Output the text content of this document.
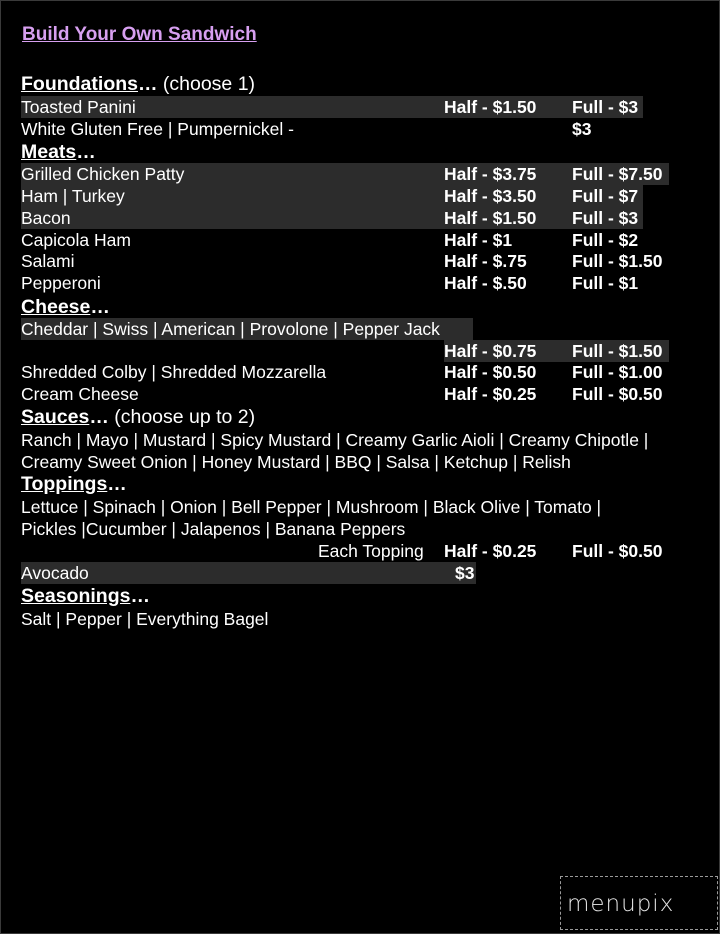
Build Your Own Sandwich
Foundations… (choose 1)
Toasted Panini	Half - $1.50 Full - $3
White Gluten Free | Pumpernickel -	$3
Meats…
Grilled Chicken Patty	Half - $3.75 Full - $7.50
Ham | Turkey	Half - $3.50 Full - $7
Bacon	Half - $1.50 Full - $3
Capicola Ham	Half - $1	Full - $2
Salami	Half - $.75	Full - $1.50
Pepperoni	Half - $.50	Full - $1
Cheese…
Cheddar | Swiss | American | Provolone | Pepper Jack
Half - $0.75 Full - $1.50
Shredded Colby | Shredded Mozzarella	Half - $0.50 Full - $1.00
Cream Cheese	Half - $0.25 Full - $0.50
Sauces… (choose up to 2)
Ranch | Mayo | Mustard | Spicy Mustard | Creamy Garlic Aioli | Creamy Chipotle |
Creamy Sweet Onion | Honey Mustard | BBQ | Salsa | Ketchup | Relish
Toppings…
Lettuce | Spinach | Onion | Bell Pepper | Mushroom | Black Olive | Tomato |
Pickles |Cucumber | Jalapenos | Banana Peppers
Each Topping Half - $0.25 Full - $0.50
Avocado	$3
Seasonings…
Salt | Pepper | Everything Bagel
menupix
